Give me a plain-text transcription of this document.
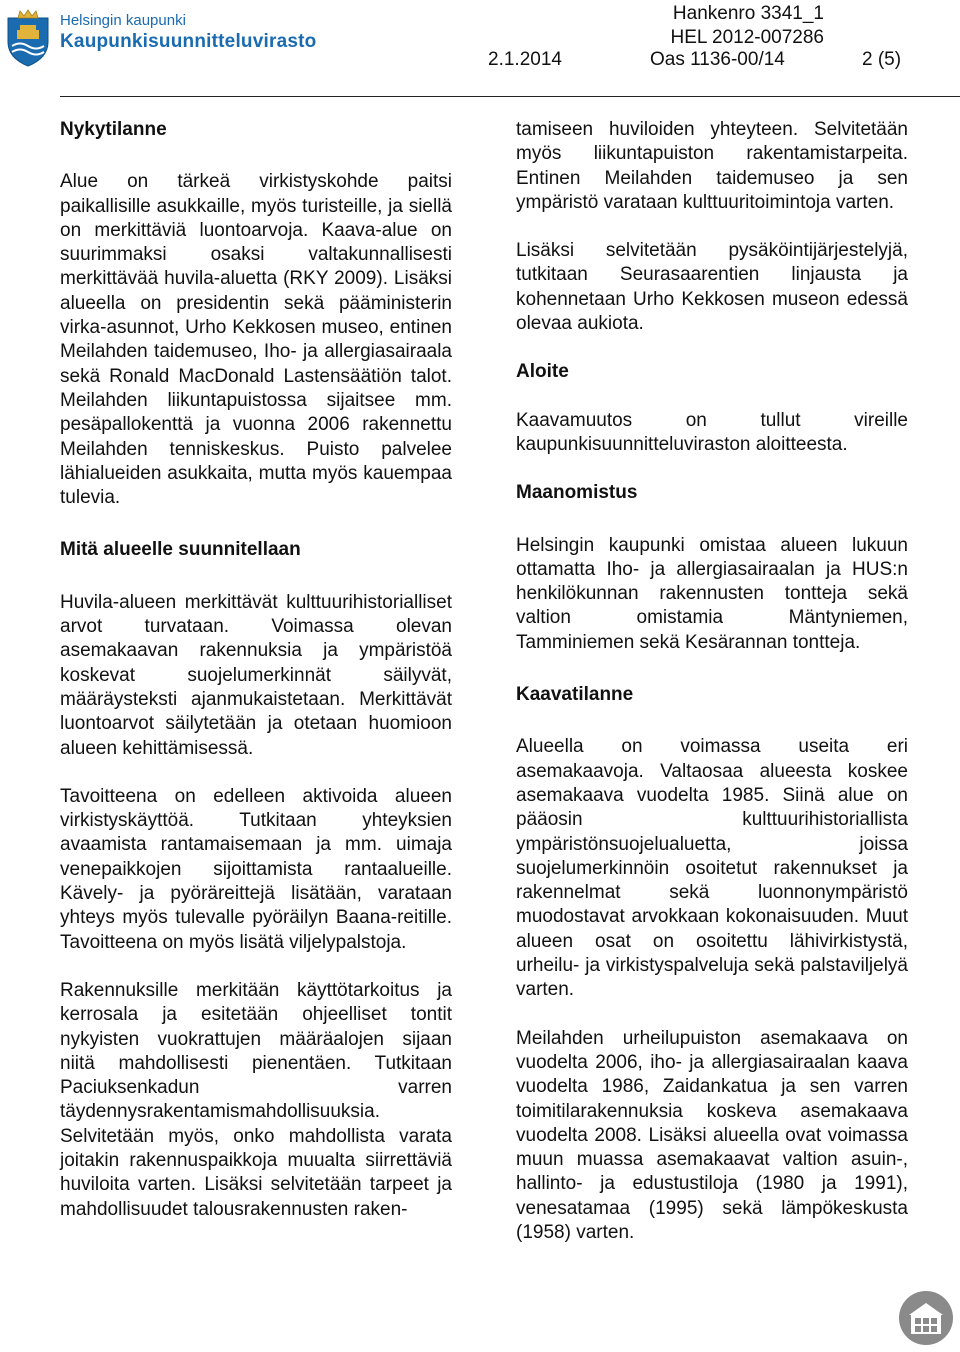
Helsingin kaupunki
Kaupunkisuunnitteluvirasto
Hankenro 3341_1
HEL 2012-007286
2.1.2014	Oas 1136-00/14	2 (5)
Nykytilanne

Alue on tärkeä virkistyskohde paitsi paikallisille asukkaille, myös turisteille, ja siellä on merkittäviä luontoarvoja. Kaava-alue on suurimmaksi osaksi valtakunnallisesti merkittävää huvila-aluetta (RKY 2009). Lisäksi alueella on presidentin sekä pääministerin virka-asunnot, Urho Kekkosen museo, entinen Meilahden taidemuseo, Iho- ja allergiasairaala sekä Ronald MacDonald Lastensäätiön talot. Meilahden liikuntapuistossa sijaitsee mm. pesäpallokenttä ja vuonna 2006 rakennettu Meilahden tenniskeskus. Puisto palvelee lähialueiden asukkaita, mutta myös kauempaa tulevia.

Mitä alueelle suunnitellaan

Huvila-alueen merkittävät kulttuurihistorialliset arvot turvataan. Voimassa olevan asemakaavan rakennuksia ja ympäristöä koskevat suojelumerkinnät säilyvät, määräysteksti ajanmukaistetaan. Merkittävät luontoarvot säilytetään ja otetaan huomioon alueen kehittämisessä.

Tavoitteena on edelleen aktivoida alueen virkistyskäyttöä. Tutkitaan yhteyksien avaamista rantamaisemaan ja mm. uimaja venepaikkojen sijoittamista rantaalueille. Kävely- ja pyöräreittejä lisätään, varataan yhteys myös tulevalle pyöräilyn Baana-reitille. Tavoitteena on myös lisätä viljelypalstoja.

Rakennuksille merkitään käyttötarkoitus ja kerrosala ja esitetään ohjeelliset tontit nykyisten vuokrattujen määräalojen sijaan niitä mahdollisesti pienentäen. Tutkitaan Paciuksenkadun varren täydennysrakentamismahdollisuuksia. Selvitetään myös, onko mahdollista varata joitakin rakennuspaikkoja muualta siirrettäviä huviloita varten. Lisäksi selvitetään tarpeet ja mahdollisuudet talousrakennusten raken-

tamiseen huviloiden yhteyteen. Selvitetään myös liikuntapuiston rakentamistarpeita. Entinen Meilahden taidemuseo ja sen ympäristö varataan kulttuuritoimintoja varten.

Lisäksi selvitetään pysäköintijärjestelyjä, tutkitaan Seurasaarentien linjausta ja kohennetaan Urho Kekkosen museon edessä olevaa aukiota.

Aloite

Kaavamuutos on tullut vireille kaupunkisuunnitteluviraston aloitteesta.

Maanomistus

Helsingin kaupunki omistaa alueen lukuun ottamatta Iho- ja allergiasairaalan ja HUS:n henkilökunnan rakennusten tontteja sekä valtion omistamia Mäntyniemen, Tamminiemen sekä Kesärannan tontteja.

Kaavatilanne

Alueella on voimassa useita eri asemakaavoja. Valtaosaa alueesta koskee asemakaava vuodelta 1985. Siinä alue on pääosin kulttuurihistoriallista ympäristönsuojelualuetta, joissa suojelumerkinnöin osoitetut rakennukset ja rakennelmat sekä luonnonympäristö muodostavat arvokkaan kokonaisuuden. Muut alueen osat on osoitettu lähivirkistystä, urheilu- ja virkistyspalveluja sekä palstaviljelyä varten.

Meilahden urheilupuiston asemakaava on vuodelta 2006, iho- ja allergiasairaalan kaava vuodelta 1986, Zaidankatua ja sen varren toimitilarakennuksia koskeva asemakaava vuodelta 2008. Lisäksi alueella ovat voimassa muun muassa asemakaavat valtion asuin-, hallinto- ja edustustiloja (1980 ja 1991), venesatamaa (1995) sekä lämpökeskusta (1958) varten.
